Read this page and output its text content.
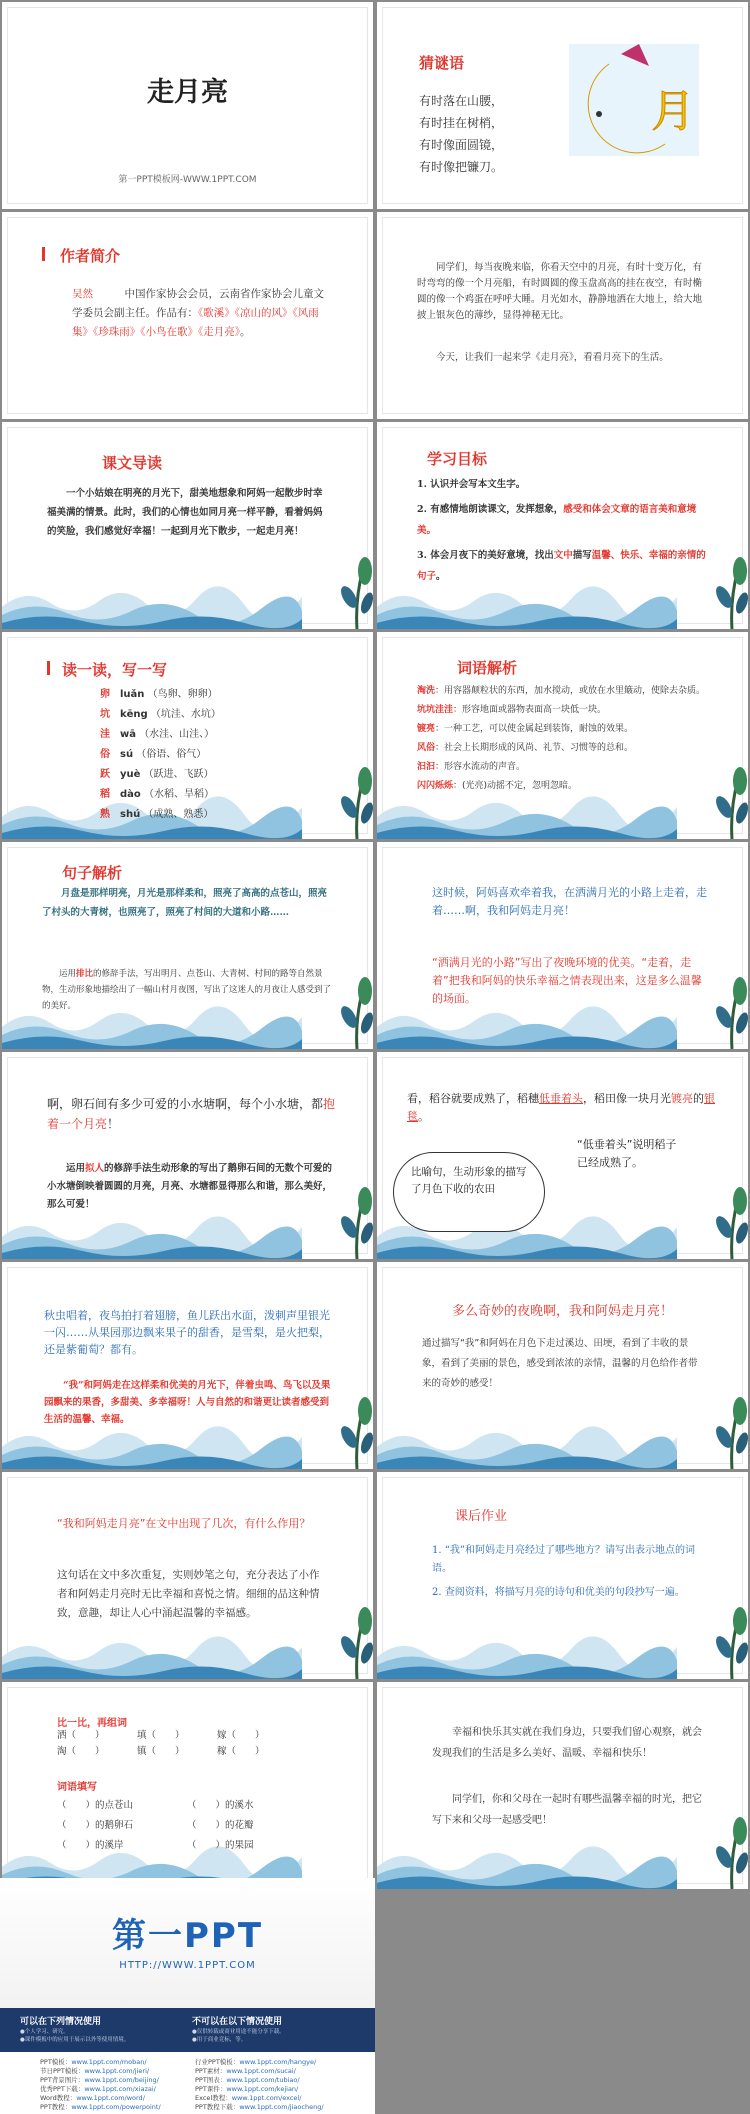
走月亮
第一PPT模板网-WWW.1PPT.COM
猜谜语
有时落在山腰，
有时挂在树梢，
有时像面圆镜，
有时像把镰刀。
月
作者简介
吴然　　　中国作家协会会员，云南省作家协会儿童文学委员会副主任。作品有：《歌溪》《凉山的风》《风雨集》《珍珠雨》《小鸟在歌》《走月亮》。
同学们，每当夜晚来临，你看天空中的月亮，有时十变万化，有时弯弯的像一个月亮船，有时圆圆的像玉盘高高的挂在夜空，有时椭圆的像一个鸡蛋在呼呼大睡。月光如水，静静地洒在大地上，给大地披上银灰色的薄纱，显得神秘无比。
今天，让我们一起来学《走月亮》，看看月亮下的生活。
课文导读
一个小姑娘在明亮的月光下，甜美地想象和阿妈一起散步时幸福美满的情景。此时，我们的心情也如同月亮一样平静，看着妈妈的笑脸，我们感觉好幸福！一起到月光下散步，一起走月亮！
学习目标
1. 认识并会写本文生字。
2. 有感情地朗读课文，发挥想象，感受和体会文章的语言美和意境美。
3. 体会月夜下的美好意境，找出文中描写温馨、快乐、幸福的亲情的句子。
读一读，写一写
卵　 luǎn （鸟卵、卵卵）
坑　 kēng （坑洼、水坑）
洼　 wā （水洼、山洼、）
俗　 sú （俗语、俗气）
跃　 yuè （跃进、飞跃）
稻　 dào （水稻、旱稻）
熟　 shú （成熟、熟悉）
词语解析
淘洗：用容器颠粒状的东西，加水搅动，或放在水里簸动，使除去杂质。
坑坑洼洼：形容地面或器物表面高一块低一块。
镀亮：一种工艺，可以使金属起到装饰，耐蚀的效果。
风俗：社会上长期形成的风尚、礼节、习惯等的总和。
汩汩：形容水流动的声音。
闪闪烁烁：(光亮)动摇不定，忽明忽暗。
句子解析
月盘是那样明亮，月光是那样柔和，照亮了高高的点苍山，照亮了村头的大青树，也照亮了，照亮了村间的大道和小路……
运用排比的修辞手法，写出明月、点苍山、大青树、村间的路等自然景物，生动形象地描绘出了一幅山村月夜图，写出了这迷人的月夜让人感受到了的美好。
这时候，阿妈喜欢牵着我，在洒满月光的小路上走着，走着……啊，我和阿妈走月亮！
“洒满月光的小路”写出了夜晚环境的优美。“走着，走着”把我和阿妈的快乐幸福之情表现出来，这是多么温馨的场面。
啊，卵石间有多少可爱的小水塘啊，每个小水塘，都抱着一个月亮！
运用拟人的修辞手法生动形象的写出了鹅卵石间的无数个可爱的小水塘倒映着圆圆的月亮，月亮、水塘都显得那么和谐，那么美好，那么可爱！
看，稻谷就要成熟了，稻穗低垂着头，稻田像一块月光镀亮的银毯。
比喻句，生动形象的描写了月色下收的农田
“低垂着头”说明稻子已经成熟了。
秋虫唱着，夜鸟拍打着翅膀，鱼儿跃出水面，泼刺声里银光一闪……从果园那边飘来果子的甜香，是雪梨，是火把梨，还是紫葡萄？都有。
“我”和阿妈走在这样柔和优美的月光下，伴着虫鸣、鸟飞以及果园飘来的果香，多甜美、多幸福呀！人与自然的和谐更让读者感受到生活的温馨、幸福。
多么奇妙的夜晚啊，我和阿妈走月亮！
通过描写“我”和阿妈在月色下走过溪边、田埂，看到了丰收的景象，看到了美丽的景色，感受到浓浓的亲情，温馨的月色给作者带来的奇妙的感受！
“我和阿妈走月亮”在文中出现了几次，有什么作用？
这句话在文中多次重复，实则妙笔之句，充分表达了小作者和阿妈走月亮时无比幸福和喜悦之情。细细的品这种情致，意趣，却让人心中涌起温馨的幸福感。
课后作业
1. “我”和阿妈走月亮经过了哪些地方？请写出表示地点的词语。
2. 查阅资料，将描写月亮的诗句和优美的句段抄写一遍。
比一比，再组词
洒（　　）	填（　　）	嫁（　　）
淘（　　）	镇（　　）	稼（　　）
词语填写
（　　）的点苍山	（　　）的溪水
（　　）的鹅卵石	（　　）的花瓣
（　　）的溪岸	（　　）的果园
幸福和快乐其实就在我们身边，只要我们留心观察，就会发现我们的生活是多么美好、温暖、幸福和快乐！
同学们，你和父母在一起时有哪些温馨幸福的时光，把它写下来和父母一起感受吧！
第一PPT
HTTP://WWW.1PPT.COM
可以在下列情况使用
●个人学习、研究。
●课件模板中的应用于展示以外等使用情境。
不可以在以下情况使用
●仅供转载或商业用途不能分享下载。
●用于商业竞标，等。
PPT模板：www.1ppt.com/moban/
节日PPT模板：www.1ppt.com/jieri/
PPT背景图片：www.1ppt.com/beijing/
优秀PPT下载：www.1ppt.com/xiazai/
Word教程：www.1ppt.com/word/
PPT教程：www.1ppt.com/powerpoint/
行业PPT模板：www.1ppt.com/hangye/
PPT素材：www.1ppt.com/sucai/
PPT图表：www.1ppt.com/tubiao/
PPT课件：www.1ppt.com/kejian/
Excel教程：www.1ppt.com/excel/
PPT教程下载：www.1ppt.com/jiaocheng/
